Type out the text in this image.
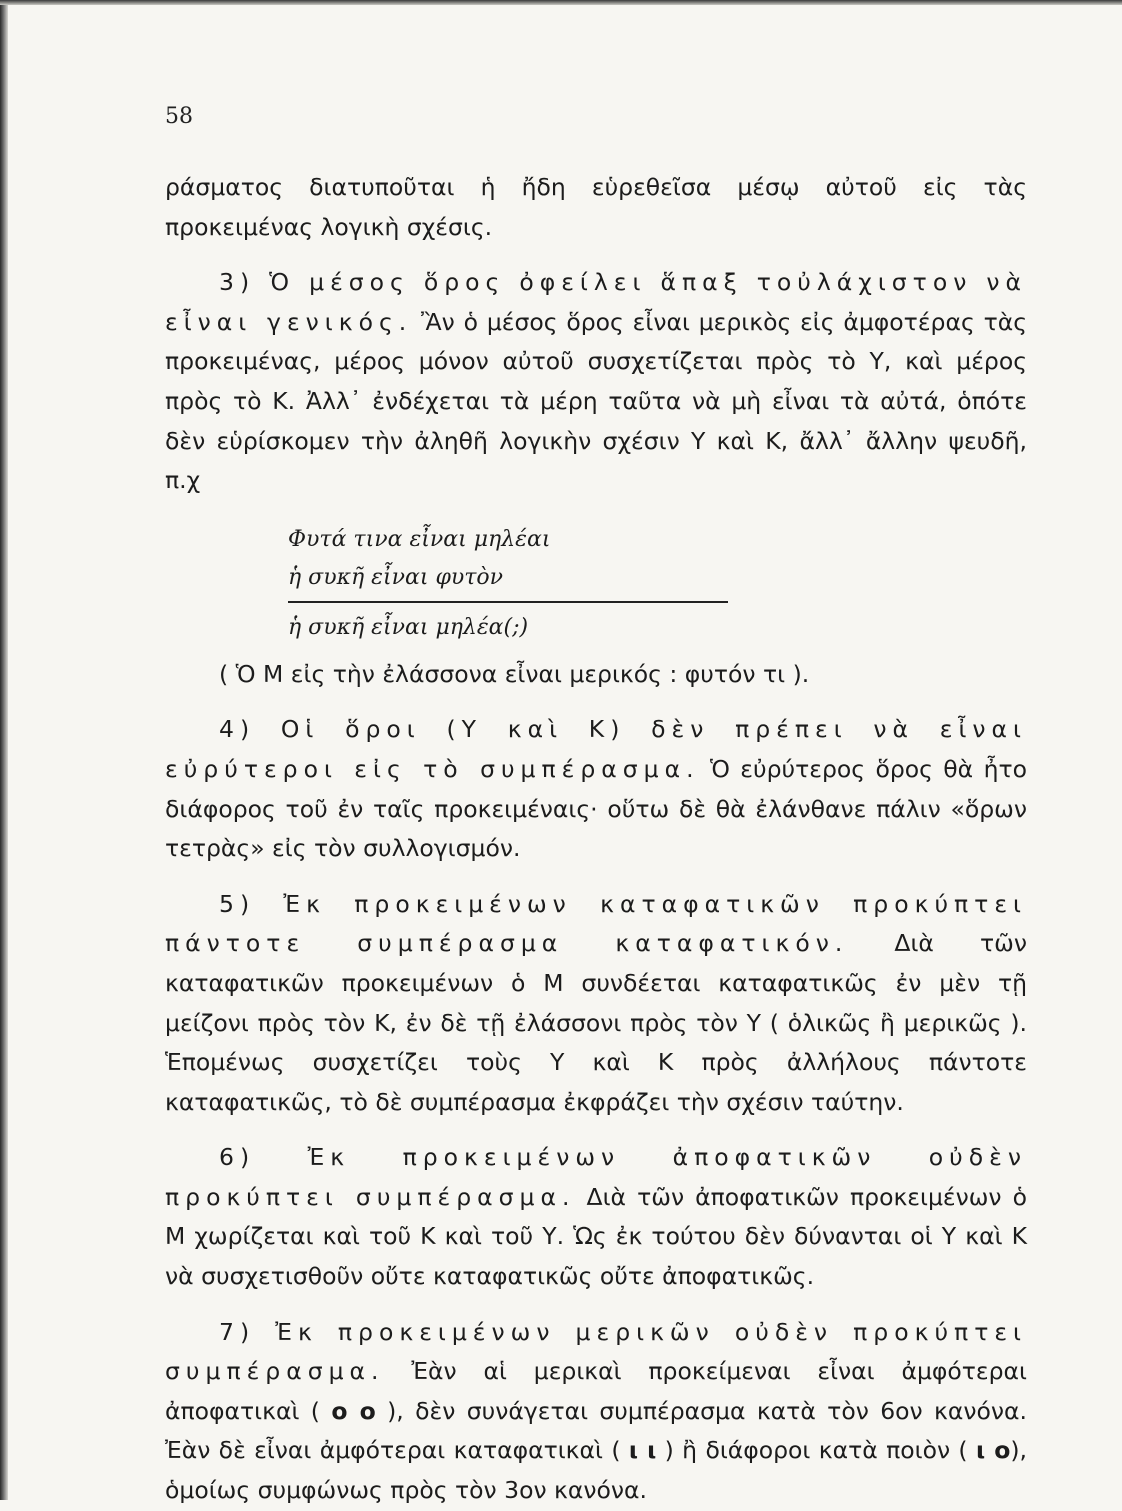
58

ράσματος διατυποῦται ἡ ἤδη εὑρεθεῖσα μέσῳ αὐτοῦ εἰς τὰς προκειμένας λογικὴ σχέσις.

3) Ὁ μέσος ὅρος ὀφείλει ἅπαξ τοὐλάχιστον νὰ εἶναι γενικός. Ἂν ὁ μέσος ὅρος εἶναι μερικὸς εἰς ἀμφοτέρας τὰς προκειμένας, μέρος μόνον αὐτοῦ συσχετίζεται πρὸς τὸ Υ, καὶ μέρος πρὸς τὸ Κ. Ἀλλ᾽ ἐνδέχεται τὰ μέρη ταῦτα νὰ μὴ εἶναι τὰ αὐτά, ὁπότε δὲν εὑρίσκομεν τὴν ἀληθῆ λογικὴν σχέσιν Υ καὶ Κ, ἄλλ᾽ ἄλλην ψευδῆ, π.χ

Φυτά τινα εἶναι μηλέαι
ἡ συκῆ εἶναι φυτὸν
ἡ συκῆ εἶναι μηλέα(;)

( Ὁ Μ εἰς τὴν ἐλάσσονα εἶναι μερικός : φυτόν τι ).

4) Οἱ ὅροι (Υ καὶ Κ) δὲν πρέπει νὰ εἶναι εὐρύτεροι εἰς τὸ συμπέρασμα. Ὁ εὐρύτερος ὅρος θὰ ἦτο διάφορος τοῦ ἐν ταῖς προκειμέναις· οὕτω δὲ θὰ ἐλάνθανε πάλιν «ὅρων τετρὰς» εἰς τὸν συλλογισμόν.

5) Ἐκ προκειμένων καταφατικῶν προκύπτει πάντοτε συμπέρασμα καταφατικόν. Διὰ τῶν καταφατικῶν προκειμένων ὁ Μ συνδέεται καταφατικῶς ἐν μὲν τῇ μείζονι πρὸς τὸν Κ, ἐν δὲ τῇ ἐλάσσονι πρὸς τὸν Υ ( ὁλικῶς ἢ μερικῶς ). Ἑπομένως συσχετίζει τοὺς Υ καὶ Κ πρὸς ἀλλήλους πάντοτε καταφατικῶς, τὸ δὲ συμπέρασμα ἐκφράζει τὴν σχέσιν ταύτην.

6) Ἐκ προκειμένων ἀποφατικῶν οὐδὲν προκύπτει συμπέρασμα. Διὰ τῶν ἀποφατικῶν προκειμένων ὁ Μ χωρίζεται καὶ τοῦ Κ καὶ τοῦ Υ. Ὡς ἐκ τούτου δὲν δύνανται οἱ Υ καὶ Κ νὰ συσχετισθοῦν οὔτε καταφατικῶς οὔτε ἀποφατικῶς.

7) Ἐκ προκειμένων μερικῶν οὐδὲν προκύπτει συμπέρασμα. Ἐὰν αἱ μερικαὶ προκείμεναι εἶναι ἀμφότεραι ἀποφατικαὶ ( ο ο ), δὲν συνάγεται συμπέρασμα κατὰ τὸν 6ον κανόνα. Ἐὰν δὲ εἶναι ἀμφότεραι καταφατικαὶ ( ι ι ) ἢ διάφοροι κατὰ ποιὸν ( ι ο), ὁμοίως συμφώνως πρὸς τὸν 3ον κανόνα.
